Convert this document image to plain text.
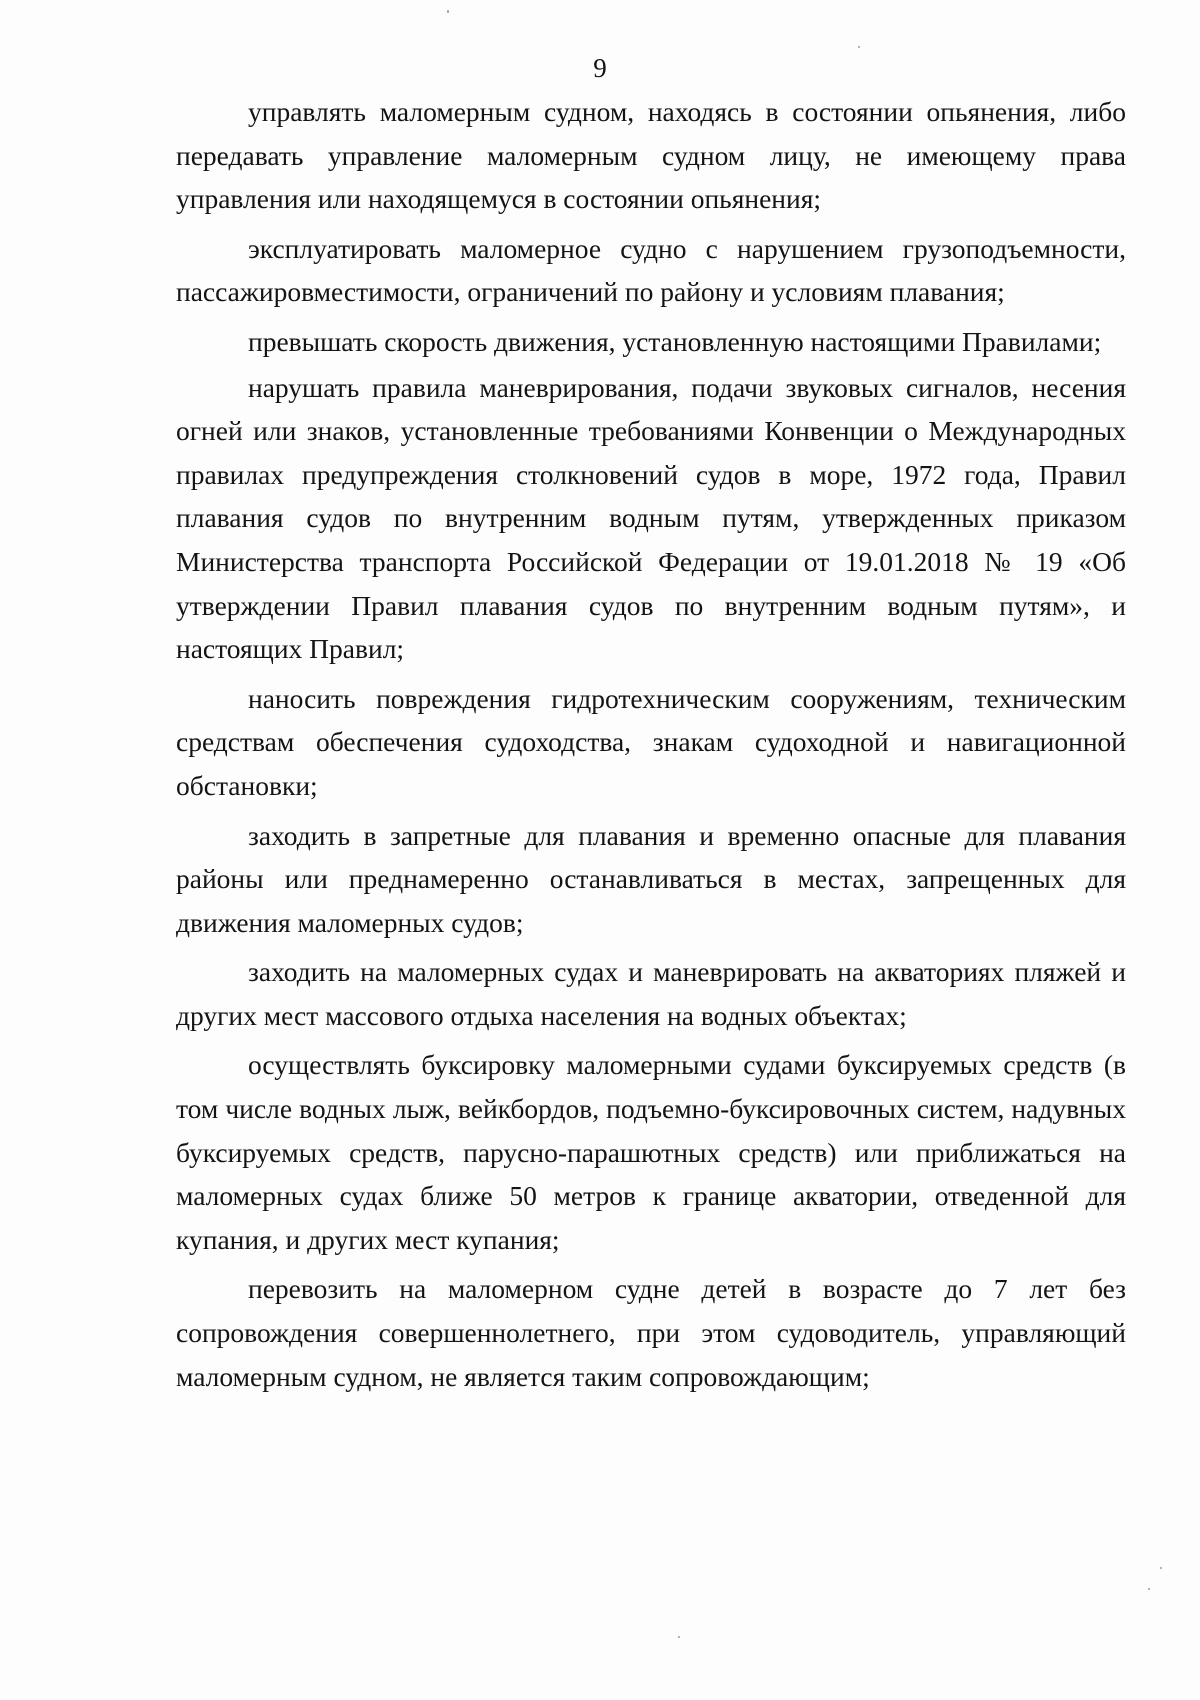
9

управлять маломерным судном, находясь в состоянии опьянения, либо передавать управление маломерным судном лицу, не имеющему права управления или находящемуся в состоянии опьянения;

эксплуатировать маломерное судно с нарушением грузоподъемности, пассажировместимости, ограничений по району и условиям плавания;

превышать скорость движения, установленную настоящими Правилами;

нарушать правила маневрирования, подачи звуковых сигналов, несения огней или знаков, установленные требованиями Конвенции о Международных правилах предупреждения столкновений судов в море, 1972 года, Правил плавания судов по внутренним водным путям, утвержденных приказом Министерства транспорта Российской Федерации от 19.01.2018 № 19 «Об утверждении Правил плавания судов по внутренним водным путям», и настоящих Правил;

наносить повреждения гидротехническим сооружениям, техническим средствам обеспечения судоходства, знакам судоходной и навигационной обстановки;

заходить в запретные для плавания и временно опасные для плавания районы или преднамеренно останавливаться в местах, запрещенных для движения маломерных судов;

заходить на маломерных судах и маневрировать на акваториях пляжей и других мест массового отдыха населения на водных объектах;

осуществлять буксировку маломерными судами буксируемых средств (в том числе водных лыж, вейкбордов, подъемно-буксировочных систем, надувных буксируемых средств, парусно-парашютных средств) или приближаться на маломерных судах ближе 50 метров к границе акватории, отведенной для купания, и других мест купания;

перевозить на маломерном судне детей в возрасте до 7 лет без сопровождения совершеннолетнего, при этом судоводитель, управляющий маломерным судном, не является таким сопровождающим;
